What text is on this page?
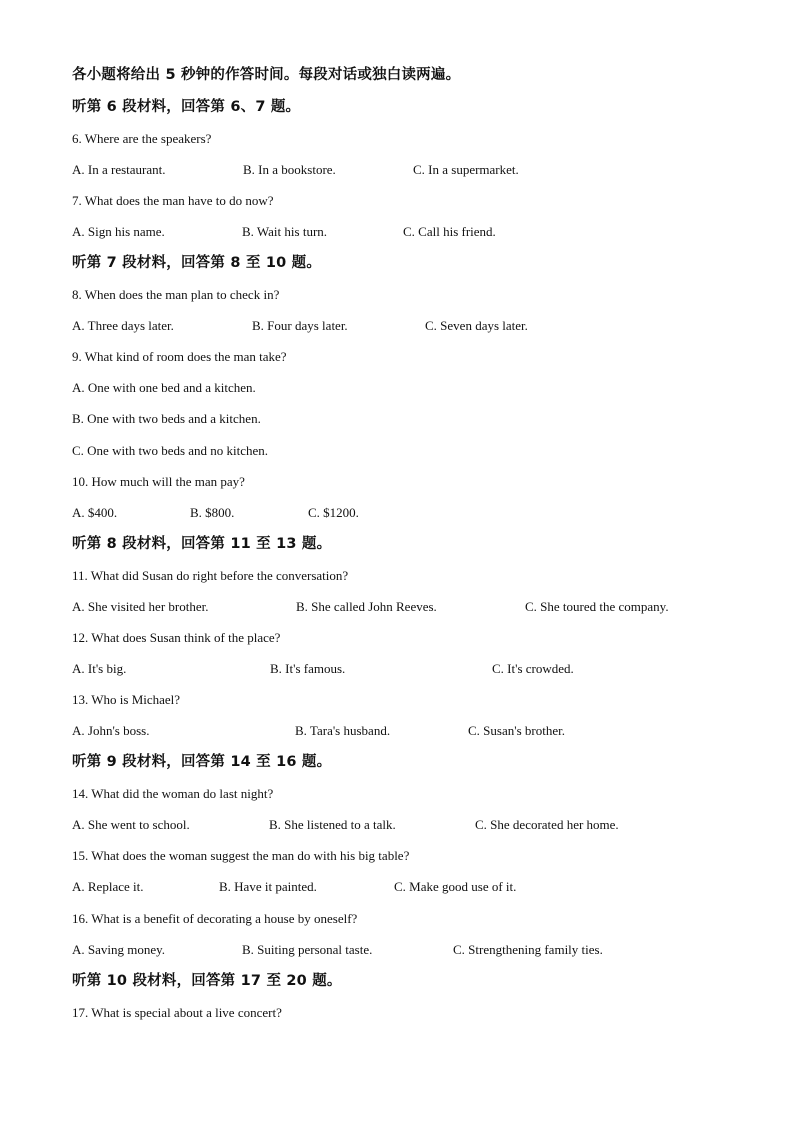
各小题将给出 5 秒钟的作答时间。每段对话或独白读两遍。
听第 6 段材料，回答第 6、7 题。
6. Where are the speakers?
A. In a restaurant.	B. In a bookstore.	C. In a supermarket.
7. What does the man have to do now?
A. Sign his name.	B. Wait his turn.	C. Call his friend.
听第 7 段材料，回答第 8 至 10 题。
8. When does the man plan to check in?
A. Three days later.	B. Four days later.	C. Seven days later.
9. What kind of room does the man take?
A. One with one bed and a kitchen.
B. One with two beds and a kitchen.
C. One with two beds and no kitchen.
10. How much will the man pay?
A. $400.	B. $800.	C. $1200.
听第 8 段材料，回答第 11 至 13 题。
11. What did Susan do right before the conversation?
A. She visited her brother.	B. She called John Reeves.	C. She toured the company.
12. What does Susan think of the place?
A. It's big.	B. It's famous.	C. It's crowded.
13. Who is Michael?
A. John's boss.	B. Tara's husband.	C. Susan's brother.
听第 9 段材料，回答第 14 至 16 题。
14. What did the woman do last night?
A. She went to school.	B. She listened to a talk.	C. She decorated her home.
15. What does the woman suggest the man do with his big table?
A. Replace it.	B. Have it painted.	C. Make good use of it.
16. What is a benefit of decorating a house by oneself?
A. Saving money.	B. Suiting personal taste.	C. Strengthening family ties.
听第 10 段材料，回答第 17 至 20 题。
17. What is special about a live concert?
